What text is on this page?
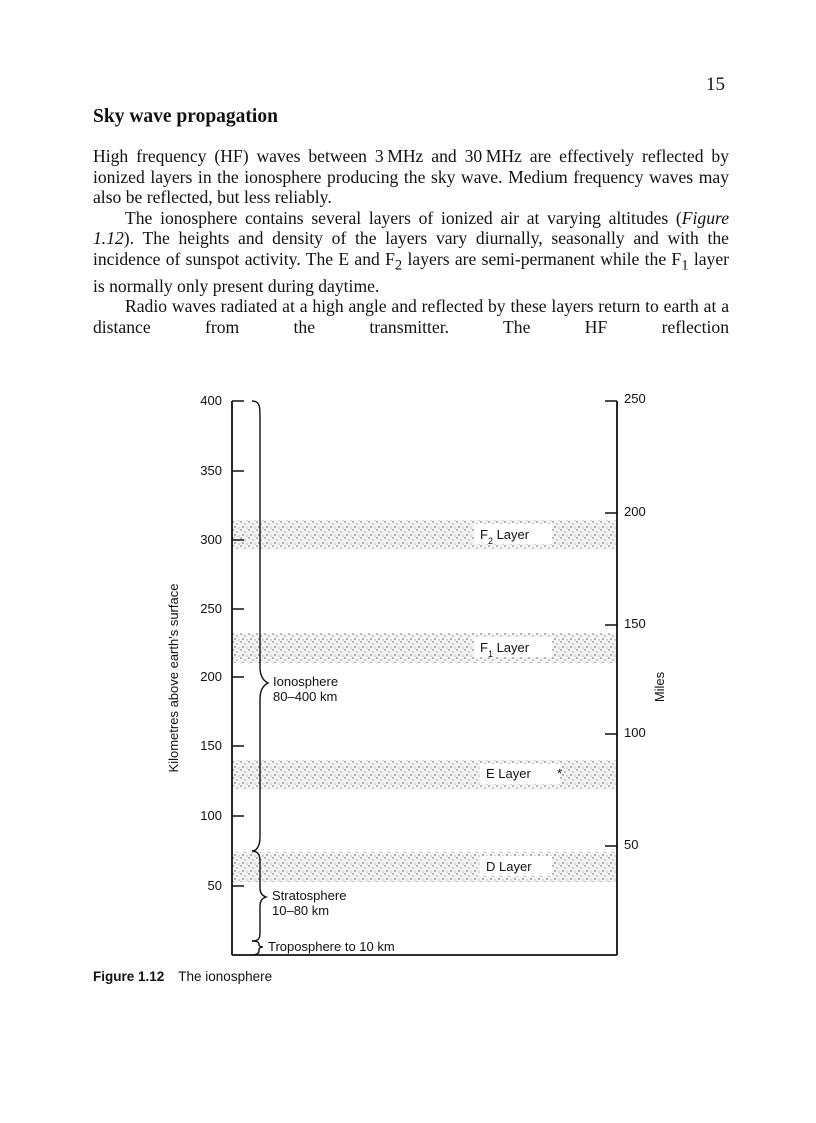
15
Sky wave propagation

High frequency (HF) waves between 3 MHz and 30 MHz are effectively reflected by ionized layers in the ionosphere producing the sky wave. Medium frequency waves may also be reflected, but less reliably.

The ionosphere contains several layers of ionized air at varying altitudes (Figure 1.12). The heights and density of the layers vary diurnally, seasonally and with the incidence of sunspot activity. The E and $F_2$ layers are semi-permanent while the $F_1$ layer is normally only present during daytime.

Radio waves radiated at a high angle and reflected by these layers return to earth at a distance from the transmitter. The HF reflection

400
350
300
250
200
150
100
50
250
200
150
100
50
Kilometres above earth's surface	Miles
$F_2$ Layer
$F_1$ Layer
E Layer
D Layer
*
Ionosphere
80–400 km
Stratosphere
10–80 km
Troposphere to 10 km
Figure 1.12 The ionosphere
